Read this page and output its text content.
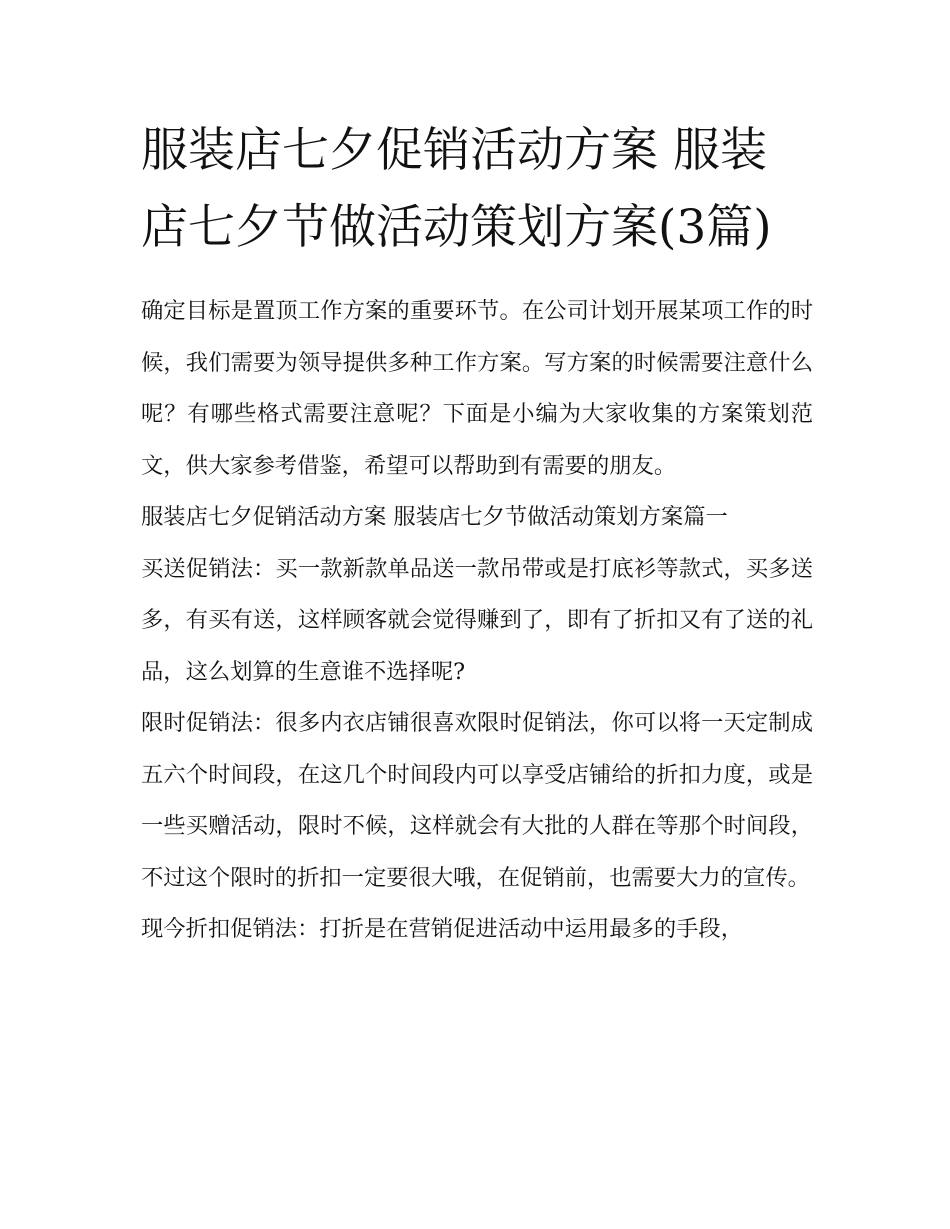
服装店七夕促销活动方案 服装店七夕节做活动策划方案(3篇)

确定目标是置顶工作方案的重要环节。在公司计划开展某项工作的时候，我们需要为领导提供多种工作方案。写方案的时候需要注意什么呢？有哪些格式需要注意呢？下面是小编为大家收集的方案策划范文，供大家参考借鉴，希望可以帮助到有需要的朋友。

服装店七夕促销活动方案 服装店七夕节做活动策划方案篇一

买送促销法：买一款新款单品送一款吊带或是打底衫等款式，买多送多，有买有送，这样顾客就会觉得赚到了，即有了折扣又有了送的礼品，这么划算的生意谁不选择呢?

限时促销法：很多内衣店铺很喜欢限时促销法，你可以将一天定制成五六个时间段，在这几个时间段内可以享受店铺给的折扣力度，或是一些买赠活动，限时不候，这样就会有大批的人群在等那个时间段，不过这个限时的折扣一定要很大哦，在促销前，也需要大力的宣传。

现今折扣促销法：打折是在营销促进活动中运用最多的手段，
